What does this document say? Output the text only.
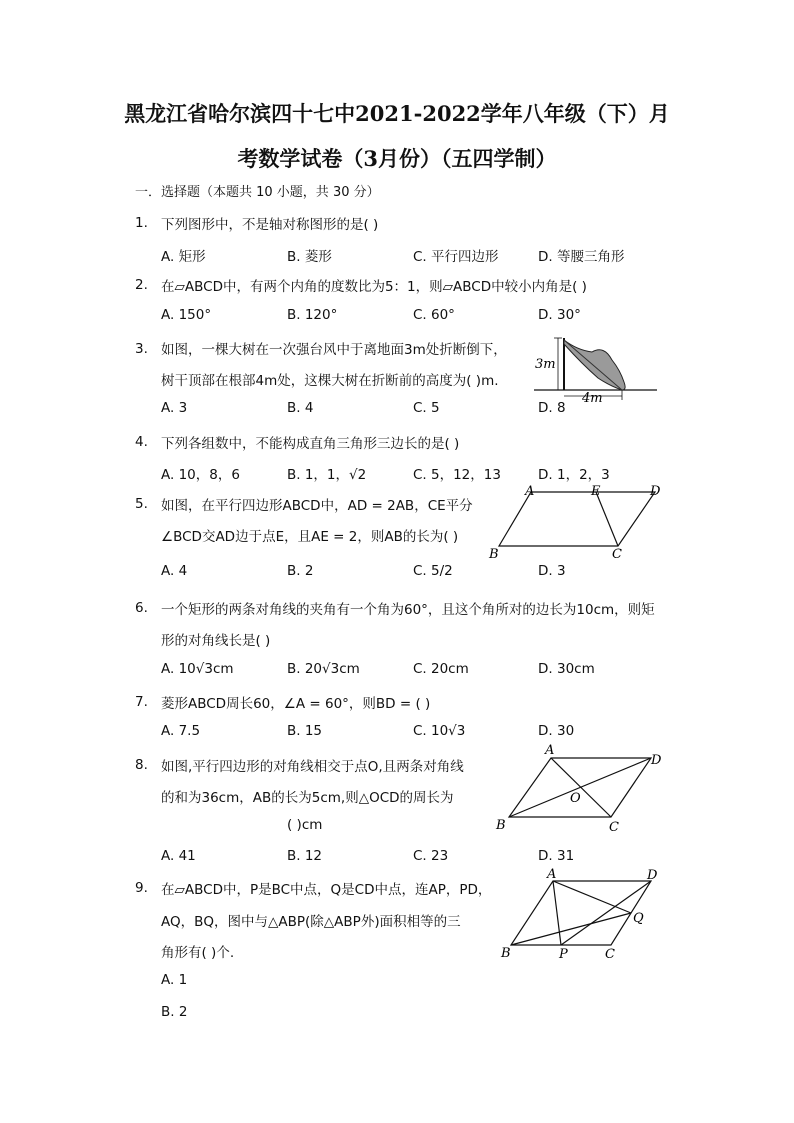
黑龙江省哈尔滨四十七中2021-2022学年八年级（下）月
考数学试卷（3月份）（五四学制）
一．选择题（本题共 10 小题，共 30 分）
1. 下列图形中，不是轴对称图形的是( )
A. 矩形	B. 菱形	C. 平行四边形	D. 等腰三角形
2. 在▱ABCD中，有两个内角的度数比为5：1，则▱ABCD中较小内角是( )
A. 150°	B. 120°	C. 60°	D. 30°
3. 如图，一棵大树在一次强台风中于离地面3m处折断倒下，
树干顶部在根部4m处，这棵大树在折断前的高度为( )m.
A. 3	B. 4	C. 5	D. 8
3m
4m
4. 下列各组数中，不能构成直角三角形三边长的是( )
A. 10，8，6	B. 1，1，√2	C. 5，12，13	D. 1，2，3
5. 如图，在平行四边形ABCD中，AD = 2AB，CE平分
∠BCD交AD边于点E，且AE = 2，则AB的长为( )
A. 4	B. 2	C. 5/2	D. 3
A	E	D
B	C
6. 一个矩形的两条对角线的夹角有一个角为60°，且这个角所对的边长为10cm，则矩
形的对角线长是( )
A. 10√3cm	B. 20√3cm	C. 20cm	D. 30cm
7. 菱形ABCD周长60，∠A = 60°，则BD = ( )
A. 7.5	B. 15	C. 10√3	D. 30
8. 如图,平行四边形的对角线相交于点O,且两条对角线
的和为36cm，AB的长为5cm,则△OCD的周长为
( )cm
A. 41	B. 12	C. 23	D. 31
A
D
O
B	C
9. 在▱ABCD中，P是BC中点，Q是CD中点，连AP，PD，
AQ，BQ，图中与△ABP(除△ABP外)面积相等的三
角形有( )个.
A. 1
B. 2
A	D
Q
B	P	C
